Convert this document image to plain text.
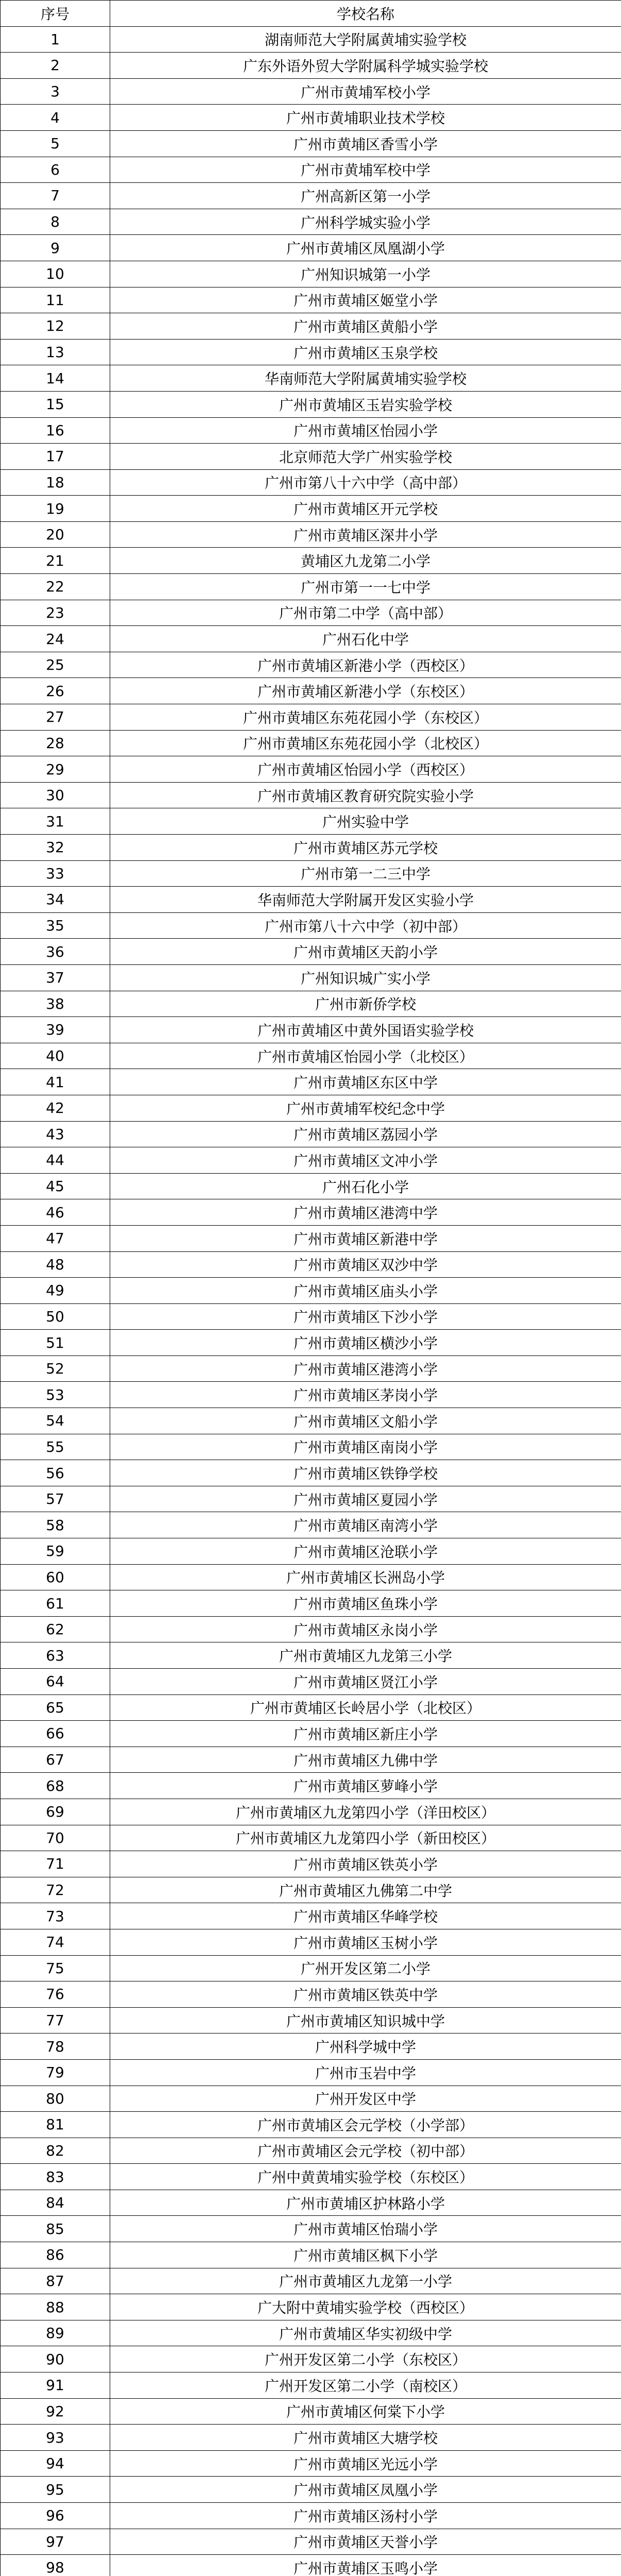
序号	学校名称
1	湖南师范大学附属黄埔实验学校
2	广东外语外贸大学附属科学城实验学校
3	广州市黄埔军校小学
4	广州市黄埔职业技术学校
5	广州市黄埔区香雪小学
6	广州市黄埔军校中学
7	广州高新区第一小学
8	广州科学城实验小学
9	广州市黄埔区凤凰湖小学
10	广州知识城第一小学
11	广州市黄埔区姬堂小学
12	广州市黄埔区黄船小学
13	广州市黄埔区玉泉学校
14	华南师范大学附属黄埔实验学校
15	广州市黄埔区玉岩实验学校
16	广州市黄埔区怡园小学
17	北京师范大学广州实验学校
18	广州市第八十六中学（高中部）
19	广州市黄埔区开元学校
20	广州市黄埔区深井小学
21	黄埔区九龙第二小学
22	广州市第一一七中学
23	广州市第二中学（高中部）
24	广州石化中学
25	广州市黄埔区新港小学（西校区）
26	广州市黄埔区新港小学（东校区）
27	广州市黄埔区东苑花园小学（东校区）
28	广州市黄埔区东苑花园小学（北校区）
29	广州市黄埔区怡园小学（西校区）
30	广州市黄埔区教育研究院实验小学
31	广州实验中学
32	广州市黄埔区苏元学校
33	广州市第一二三中学
34	华南师范大学附属开发区实验小学
35	广州市第八十六中学（初中部）
36	广州市黄埔区天韵小学
37	广州知识城广实小学
38	广州市新侨学校
39	广州市黄埔区中黄外国语实验学校
40	广州市黄埔区怡园小学（北校区）
41	广州市黄埔区东区中学
42	广州市黄埔军校纪念中学
43	广州市黄埔区荔园小学
44	广州市黄埔区文冲小学
45	广州石化小学
46	广州市黄埔区港湾中学
47	广州市黄埔区新港中学
48	广州市黄埔区双沙中学
49	广州市黄埔区庙头小学
50	广州市黄埔区下沙小学
51	广州市黄埔区横沙小学
52	广州市黄埔区港湾小学
53	广州市黄埔区茅岗小学
54	广州市黄埔区文船小学
55	广州市黄埔区南岗小学
56	广州市黄埔区铁铮学校
57	广州市黄埔区夏园小学
58	广州市黄埔区南湾小学
59	广州市黄埔区沧联小学
60	广州市黄埔区长洲岛小学
61	广州市黄埔区鱼珠小学
62	广州市黄埔区永岗小学
63	广州市黄埔区九龙第三小学
64	广州市黄埔区贤江小学
65	广州市黄埔区长岭居小学（北校区）
66	广州市黄埔区新庄小学
67	广州市黄埔区九佛中学
68	广州市黄埔区萝峰小学
69	广州市黄埔区九龙第四小学（洋田校区）
70	广州市黄埔区九龙第四小学（新田校区）
71	广州市黄埔区铁英小学
72	广州市黄埔区九佛第二中学
73	广州市黄埔区华峰学校
74	广州市黄埔区玉树小学
75	广州开发区第二小学
76	广州市黄埔区铁英中学
77	广州市黄埔区知识城中学
78	广州科学城中学
79	广州市玉岩中学
80	广州开发区中学
81	广州市黄埔区会元学校（小学部）
82	广州市黄埔区会元学校（初中部）
83	广州中黄黄埔实验学校（东校区）
84	广州市黄埔区护林路小学
85	广州市黄埔区怡瑞小学
86	广州市黄埔区枫下小学
87	广州市黄埔区九龙第一小学
88	广大附中黄埔实验学校（西校区）
89	广州市黄埔区华实初级中学
90	广州开发区第二小学（东校区）
91	广州开发区第二小学（南校区）
92	广州市黄埔区何棠下小学
93	广州市黄埔区大塘学校
94	广州市黄埔区光远小学
95	广州市黄埔区凤凰小学
96	广州市黄埔区汤村小学
97	广州市黄埔区天誉小学
98	广州市黄埔区玉鸣小学
